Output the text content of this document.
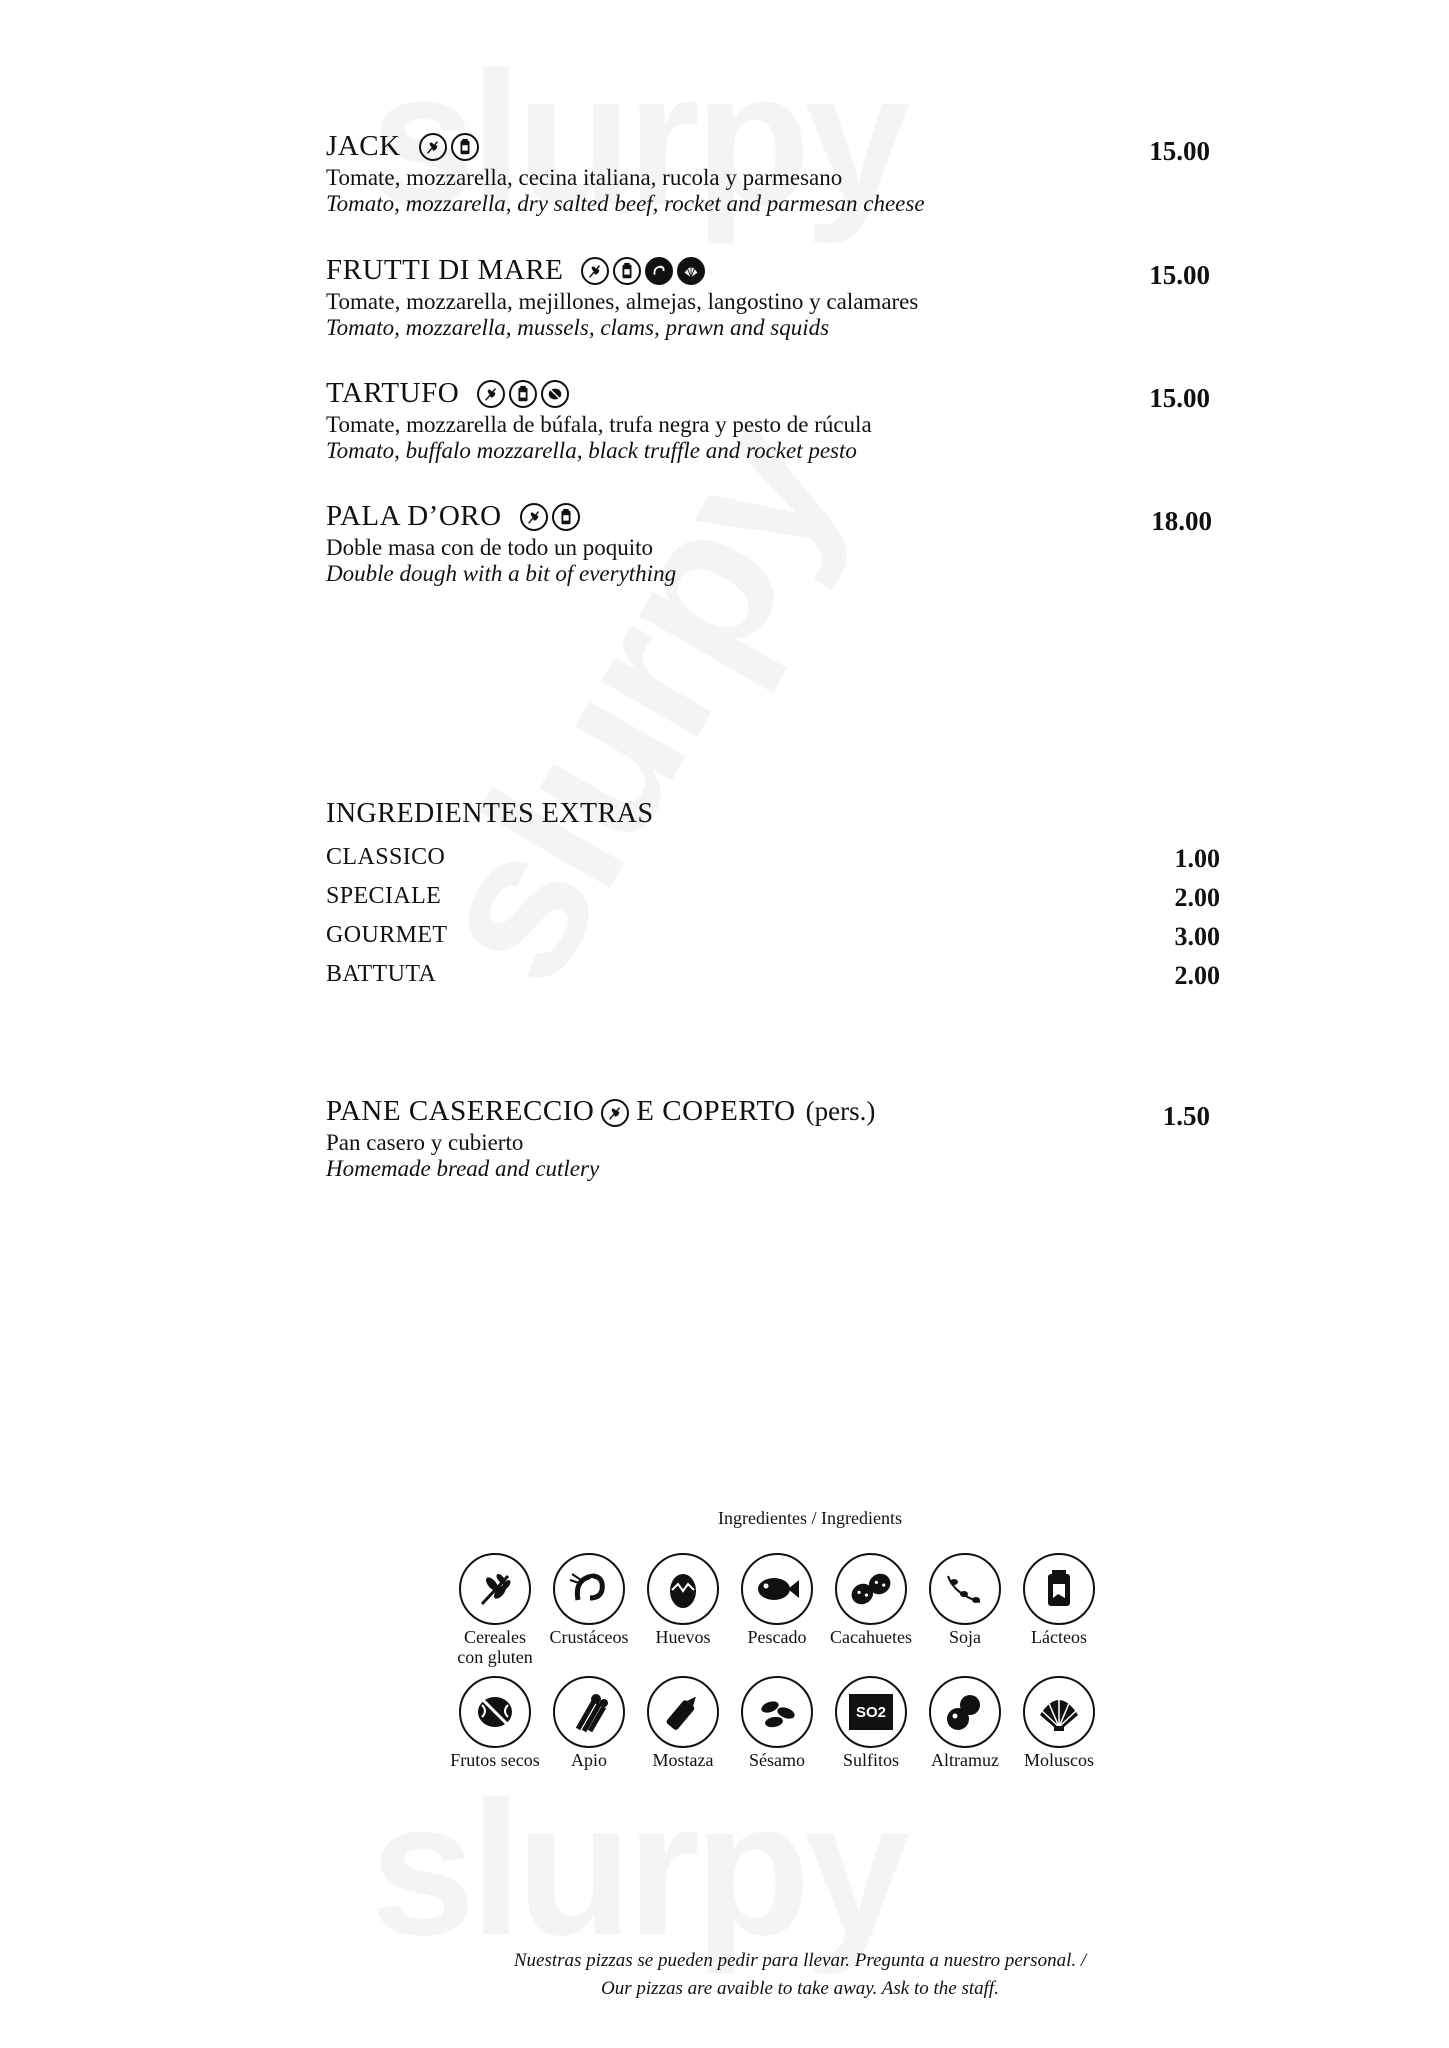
JACK
Tomate, mozzarella, cecina italiana, rucola y parmesano
Tomato, mozzarella, dry salted beef, rocket and parmesan cheese
15.00
FRUTTI DI MARE
Tomate, mozzarella, mejillones, almejas, langostino y calamares
Tomato, mozzarella, mussels, clams, prawn and squids
15.00
TARTUFO
Tomate, mozzarella de búfala, trufa negra y pesto de rúcula
Tomato, buffalo mozzarella, black truffle and rocket pesto
15.00
PALA D’ORO
Doble masa con de todo un poquito
Double dough with a bit of everything
18.00
INGREDIENTES EXTRAS
CLASSICO	1.00
SPECIALE	2.00
GOURMET	3.00
BATTUTA	2.00
PANE CASERECCIO E COPERTO (pers.)
Pan casero y cubierto
Homemade bread and cutlery
1.50
Ingredientes / Ingredients
Cereales
con gluten
Crustáceos	Huevos	Pescado	Cacahuetes	Soja	Lácteos
Frutos secos	Apio	Mostaza	Sésamo
SO2
Sulfitos	Altramuz	Moluscos
Nuestras pizzas se pueden pedir para llevar. Pregunta a nuestro personal. /
Our pizzas are avaible to take away. Ask to the staff.
